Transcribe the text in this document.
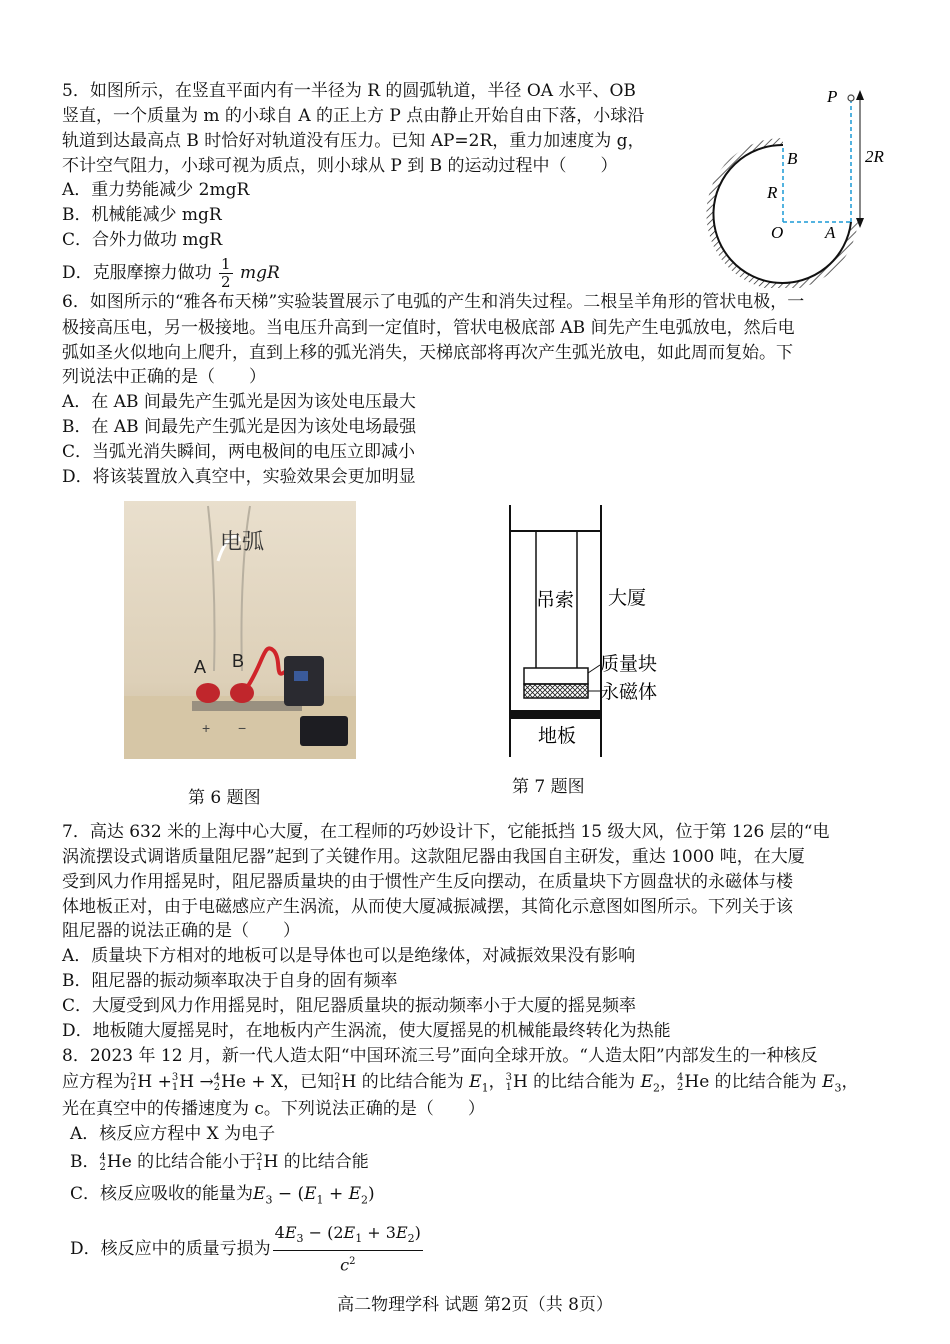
5．如图所示，在竖直平面内有一半径为 R 的圆弧轨道，半径 OA 水平、OB
竖直，一个质量为 m 的小球自 A 的正上方 P 点由静止开始自由下落，小球沿
轨道到达最高点 B 时恰好对轨道没有压力。已知 AP=2R，重力加速度为 g，
不计空气阻力，小球可视为质点，则小球从 P 到 B 的运动过程中（　　）
A．重力势能减少 2mgR
B．机械能减少 mgR
C．合外力做功 mgR
D．克服摩擦力做功 $\frac{1}{2}$ mgR
P
B
R
O A
2R
6．如图所示的“雅各布天梯”实验装置展示了电弧的产生和消失过程。二根呈羊角形的管状电极，一
极接高压电，另一极接地。当电压升高到一定值时，管状电极底部 AB 间先产生电弧放电，然后电
弧如圣火似地向上爬升，直到上移的弧光消失，天梯底部将再次产生弧光放电，如此周而复始。下
列说法中正确的是（　　）
A．在 AB 间最先产生弧光是因为该处电压最大
B．在 AB 间最先产生弧光是因为该处电场最强
C．当弧光消失瞬间，两电极间的电压立即减小
D．将该装置放入真空中，实验效果会更加明显
电弧
A B
+ −
第 6 题图
吊索 大厦
质量块
永磁体
地板
第 7 题图
7．高达 632 米的上海中心大厦，在工程师的巧妙设计下，它能抵挡 15 级大风，位于第 126 层的“电
涡流摆设式调谐质量阻尼器”起到了关键作用。这款阻尼器由我国自主研发，重达 1000 吨，在大厦
受到风力作用摇晃时，阻尼器质量块的由于惯性产生反向摆动，在质量块下方圆盘状的永磁体与楼
体地板正对，由于电磁感应产生涡流，从而使大厦减振减摆，其简化示意图如图所示。下列关于该
阻尼器的说法正确的是（　　）
A．质量块下方相对的地板可以是导体也可以是绝缘体，对减振效果没有影响
B．阻尼器的振动频率取决于自身的固有频率
C．大厦受到风力作用摇晃时，阻尼器质量块的振动频率小于大厦的摇晃频率
D．地板随大厦摇晃时，在地板内产生涡流，使大厦摇晃的机械能最终转化为热能
8．2023 年 12 月，新一代人造太阳“中国环流三号”面向全球开放。“人造太阳”内部发生的一种核反
应方程为 2
1 H + 3
1 H → 4
2 He + X，已知 2
1 H 的比结合能为 $E_1$， 3
1 H 的比结合能为 $E_2$， 4
2 He 的比结合能为 $E_3$，
光在真空中的传播速度为 c。下列说法正确的是（　　）
A．核反应方程中 X 为电子
B． 4
2 He 的比结合能小于 2
1 H 的比结合能
C．核反应吸收的能量为$E_3 - (E_1 + E_2)$
D．核反应中的质量亏损为 $\frac{4E_3 - (2E_1 + 3E_2)}{c^2}$
高二物理学科 试题 第2页（共 8页）
